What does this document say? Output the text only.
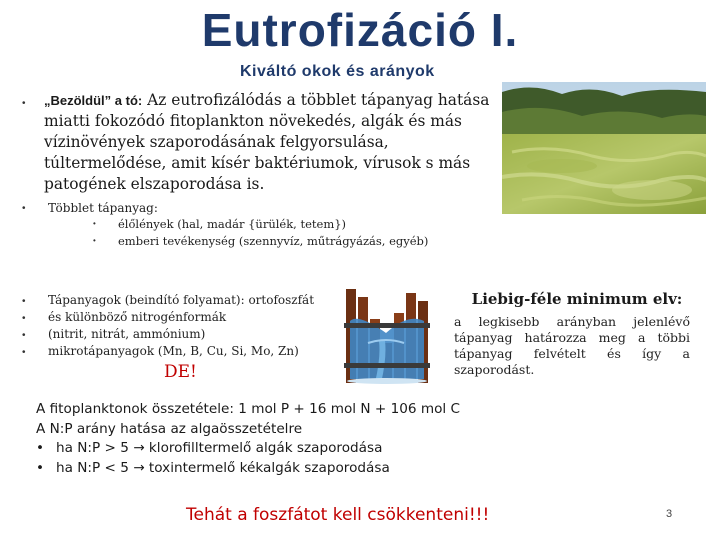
Eutrofizáció I.
Kiváltó okok és arányok
• „Bezöldül” a tó: Az eutrofizálódás a többlet tápanyag hatása miatti fokozódó fitoplankton növekedés, algák és más vízinövények szaporodásának felgyorsulása, túltermelődése, amit kísér baktériumok, vírusok s más patogének elszaporodása is.
• Többlet tápanyag:
• élőlények (hal, madár {ürülék, tetem})
• emberi tevékenység (szennyvíz, műtrágyázás, egyéb)
• Tápanyagok (beindító folyamat): ortofoszfát
• és különböző nitrogénformák
• (nitrit, nitrát, ammónium)
• mikrotápanyagok (Mn, B, Cu, Si, Mo, Zn)
DE!
Liebig-féle minimum elv:
a legkisebb arányban jelenlévő tápanyag határozza meg a többi tápanyag felvételt és így a szaporodást.
A fitoplanktonok összetétele: 1 mol P + 16 mol N + 106 mol C
A N:P arány hatása az algaösszetételre
• ha N:P > 5 → klorofilltermelő algák szaporodása
• ha N:P < 5 → toxintermelő kékalgák szaporodása
Tehát a foszfátot kell csökkenteni!!!	3
